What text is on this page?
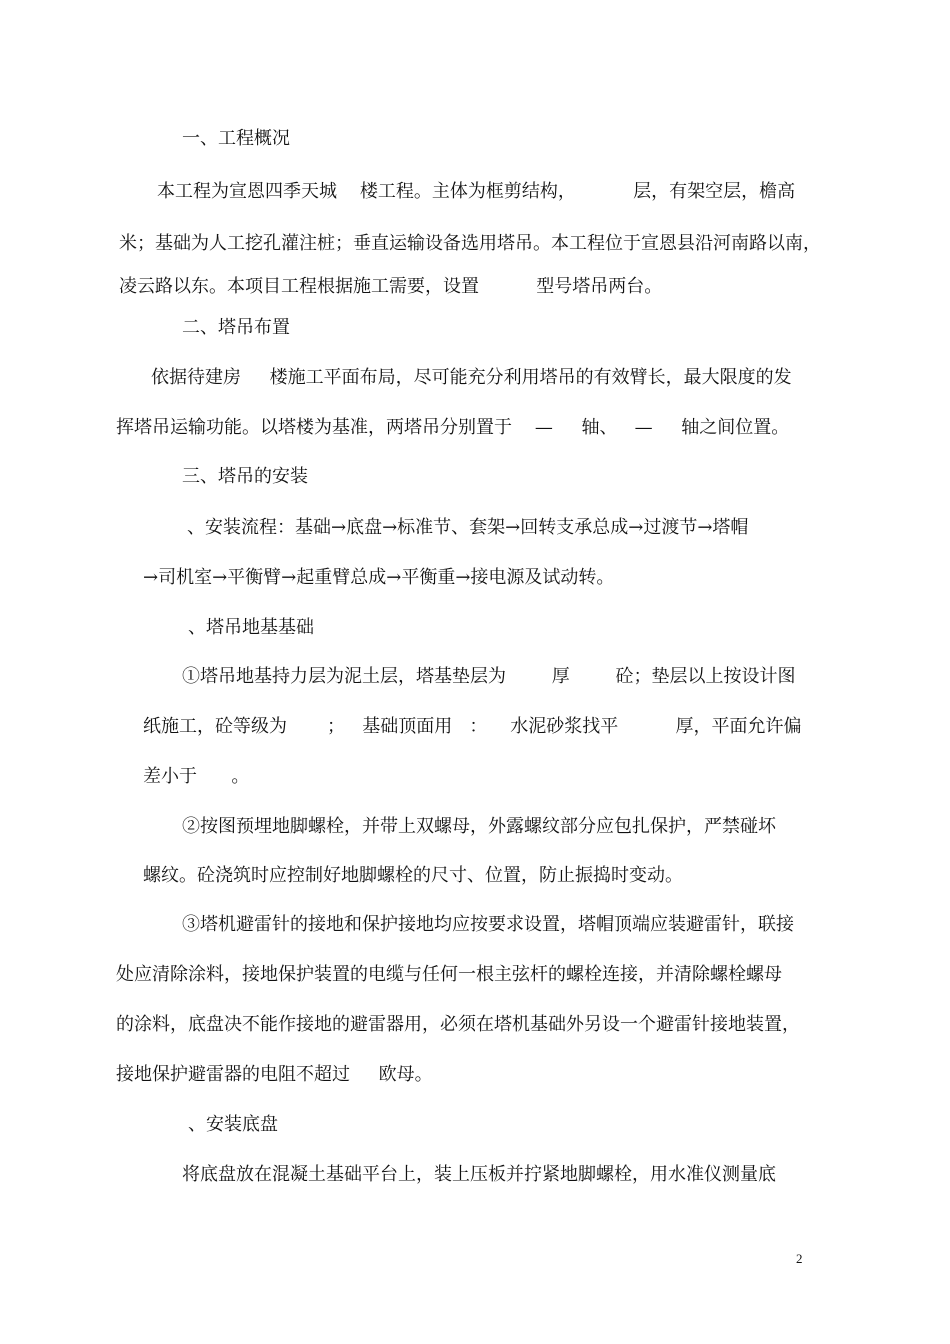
一、工程概况

本工程为宣恩四季天城    楼工程。主体为框剪结构，          层，有架空层，檐高

米；基础为人工挖孔灌注桩；垂直运输设备选用塔吊。本工程位于宣恩县沿河南路以南，

凌云路以东。本项目工程根据施工需要，设置          型号塔吊两台。

二、塔吊布置

依据待建房     楼施工平面布局，尽可能充分利用塔吊的有效臂长，最大限度的发

挥塔吊运输功能。以塔楼为基准，两塔吊分别置于    —     轴、   —     轴之间位置。

三、塔吊的安装

、安装流程：基础→底盘→标准节、套架→回转支承总成→过渡节→塔帽

→司机室→平衡臂→起重臂总成→平衡重→接电源及试动转。

、塔吊地基基础

①塔吊地基持力层为泥土层，塔基垫层为        厚        砼；垫层以上按设计图

纸施工，砼等级为       ；   基础顶面用   ：    水泥砂浆找平          厚，平面允许偏

差小于      。

②按图预埋地脚螺栓，并带上双螺母，外露螺纹部分应包扎保护，严禁碰坏

螺纹。砼浇筑时应控制好地脚螺栓的尺寸、位置，防止振捣时变动。

③塔机避雷针的接地和保护接地均应按要求设置，塔帽顶端应装避雷针，联接

处应清除涂料，接地保护装置的电缆与任何一根主弦杆的螺栓连接，并清除螺栓螺母

的涂料，底盘决不能作接地的避雷器用，必须在塔机基础外另设一个避雷针接地装置，

接地保护避雷器的电阻不超过     欧母。

、安装底盘

将底盘放在混凝土基础平台上，装上压板并拧紧地脚螺栓，用水准仪测量底

2
